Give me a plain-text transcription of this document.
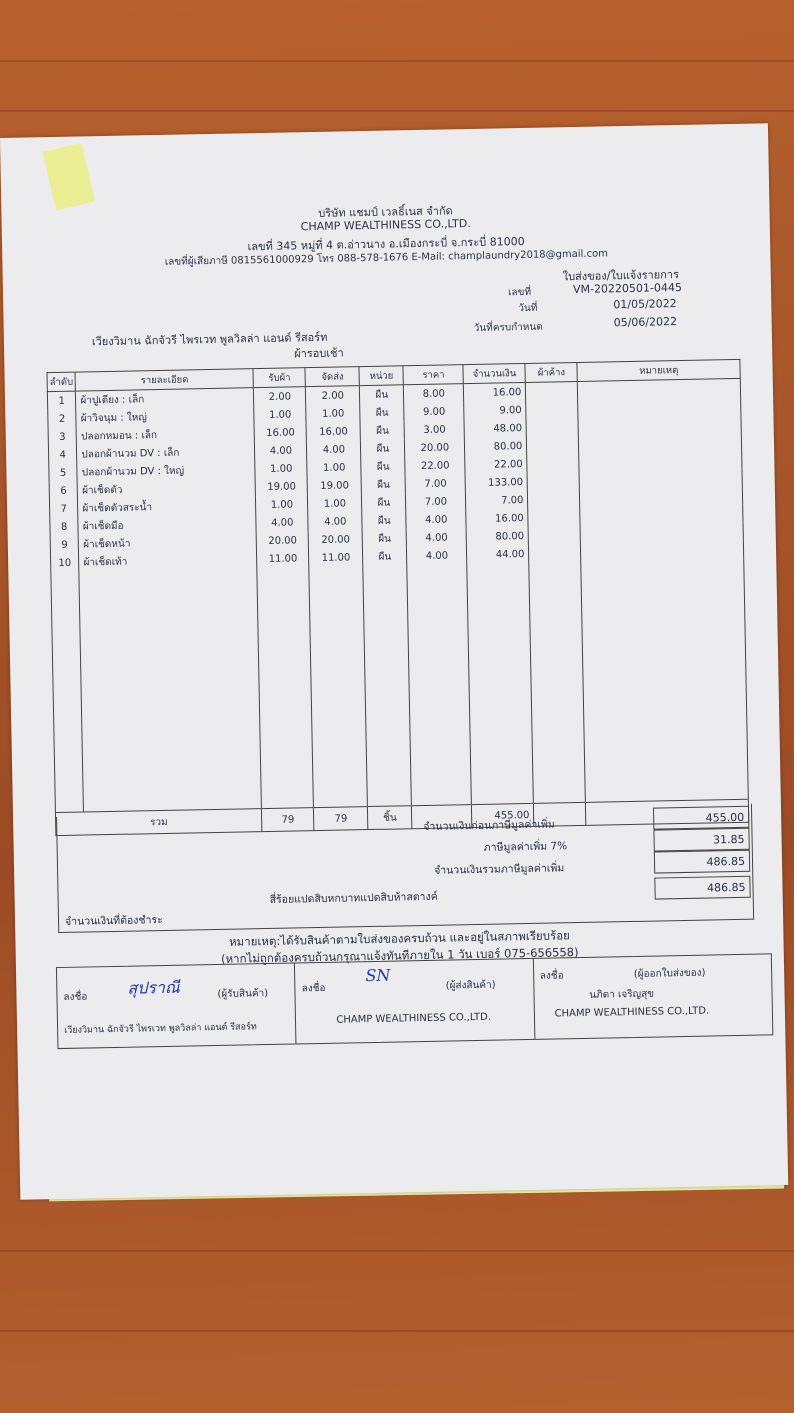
บริษัท แชมป์ เวลธิ์เนส จำกัด
CHAMP WEALTHINESS CO.,LTD.
เลขที่ 345 หมู่ที่ 4 ต.อ่าวนาง อ.เมืองกระบี่ จ.กระบี่ 81000
เลขที่ผู้เสียภาษี 0815561000929 โทร 088-578-1676 E-Mail: champlaundry2018@gmail.com
ใบส่งของ/ใบแจ้งรายการ
เลขที่	VM-20220501-0445
วันที่	01/05/2022
วันที่ครบกำหนด	05/06/2022
เวียงวิมาน ฉักจัวรี ไพรเวท พูลวิลล่า แอนด์ รีสอร์ท
ผ้ารอบเช้า
ลำดับ	รายละเอียด	รับผ้า	จัดส่ง	หน่วย	ราคา	จำนวนเงิน	ผ้าค้าง	หมายเหตุ
1	ผ้าปูเตียง : เล็ก	2.00	2.00	ผืน	8.00	16.00		
2	ผ้าวิจนุม : ใหญ่	1.00	1.00	ผืน	9.00	9.00		
3	ปลอกหมอน : เล็ก	16.00	16.00	ผืน	3.00	48.00		
4	ปลอกผ้านวม DV : เล็ก	4.00	4.00	ผืน	20.00	80.00		
5	ปลอกผ้านวม DV : ใหญ่	1.00	1.00	ผืน	22.00	22.00		
6	ผ้าเช็ดตัว	19.00	19.00	ผืน	7.00	133.00		
7	ผ้าเช็ดตัวสระน้ำ	1.00	1.00	ผืน	7.00	7.00		
8	ผ้าเช็ดมือ	4.00	4.00	ผืน	4.00	16.00		
9	ผ้าเช็ดหน้า	20.00	20.00	ผืน	4.00	80.00		
10	ผ้าเช็ดเท้า	11.00	11.00	ผืน	4.00	44.00		

รวม		79	79	ชิ้น		455.00		
จำนวนเงินก่อนภาษีมูลค่าเพิ่ม
455.00
ภาษีมูลค่าเพิ่ม 7%
31.85
จำนวนเงินรวมภาษีมูลค่าเพิ่ม
486.85
สี่ร้อยแปดสิบหกบาทแปดสิบห้าสตางค์
486.85
จำนวนเงินที่ต้องชำระ
หมายเหตุ:ได้รับสินค้าตามใบส่งของครบถ้วน และอยู่ในสภาพเรียบร้อย
(หากไม่ถูกต้องครบถ้วนกรุณาแจ้งทันทีภายใน 1 วัน เบอร์ 075-656558)
ลงชื่อ สุปราณี	(ผู้รับสินค้า)
เวียงวิมาน ฉักจัวรี ไพรเวท พูลวิลล่า แอนด์ รีสอร์ท
ลงชื่อ
SN
(ผู้ส่งสินค้า)
CHAMP WEALTHINESS CO.,LTD.
ลงชื่อ	(ผู้ออกใบส่งของ)
นภิดา เจริญสุข
CHAMP WEALTHINESS CO.,LTD.
